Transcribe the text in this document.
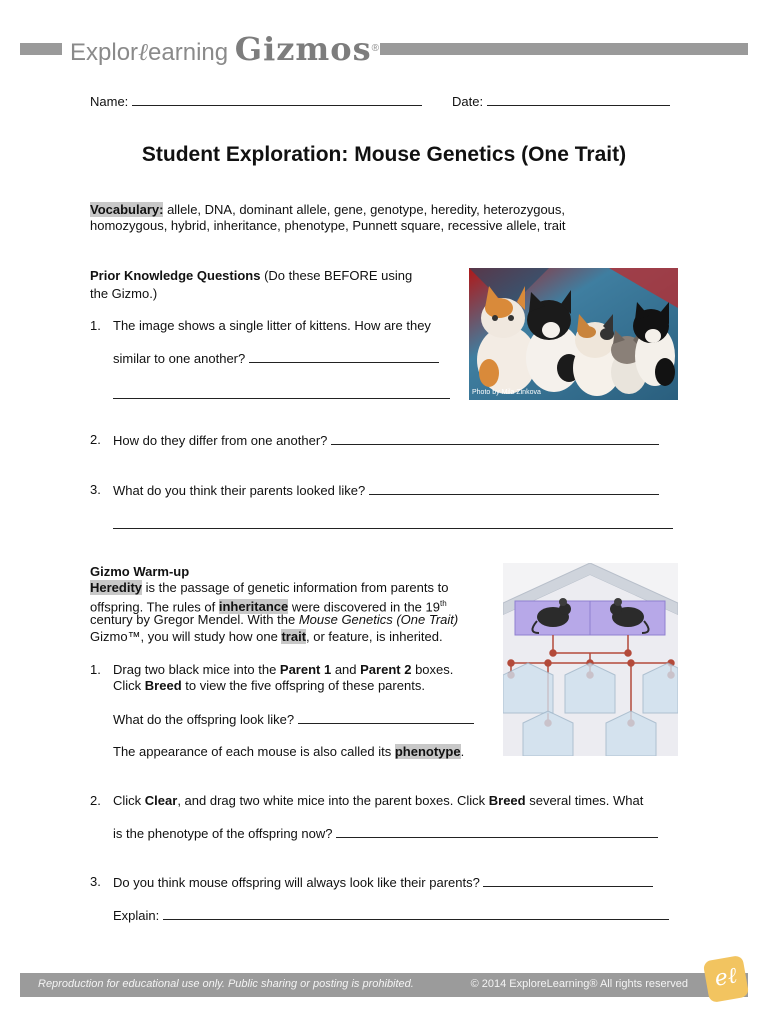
Explorℓearning Gizmos®
Name:	Date:
Student Exploration: Mouse Genetics (One Trait)
Vocabulary: allele, DNA, dominant allele, gene, genotype, heredity, heterozygous,
homozygous, hybrid, inheritance, phenotype, Punnett square, recessive allele, trait
Prior Knowledge Questions (Do these BEFORE using
the Gizmo.)
1. The image shows a single litter of kittens. How are they
similar to one another?
Photo by Mila Zinkova
2. How do they differ from one another?
3. What do you think their parents looked like?
Gizmo Warm-up
Heredity is the passage of genetic information from parents to
offspring. The rules of inheritance were discovered in the 19th
century by Gregor Mendel. With the Mouse Genetics (One Trait)
Gizmo™, you will study how one trait, or feature, is inherited.
1. Drag two black mice into the Parent 1 and Parent 2 boxes.
Click Breed to view the five offspring of these parents.
What do the offspring look like?
The appearance of each mouse is also called its phenotype.
2. Click Clear, and drag two white mice into the parent boxes. Click Breed several times. What
is the phenotype of the offspring now?
3. Do you think mouse offspring will always look like their parents?
Explain:
Reproduction for educational use only. Public sharing or posting is prohibited.	© 2014 ExploreLearning® All rights reserved eℓ
